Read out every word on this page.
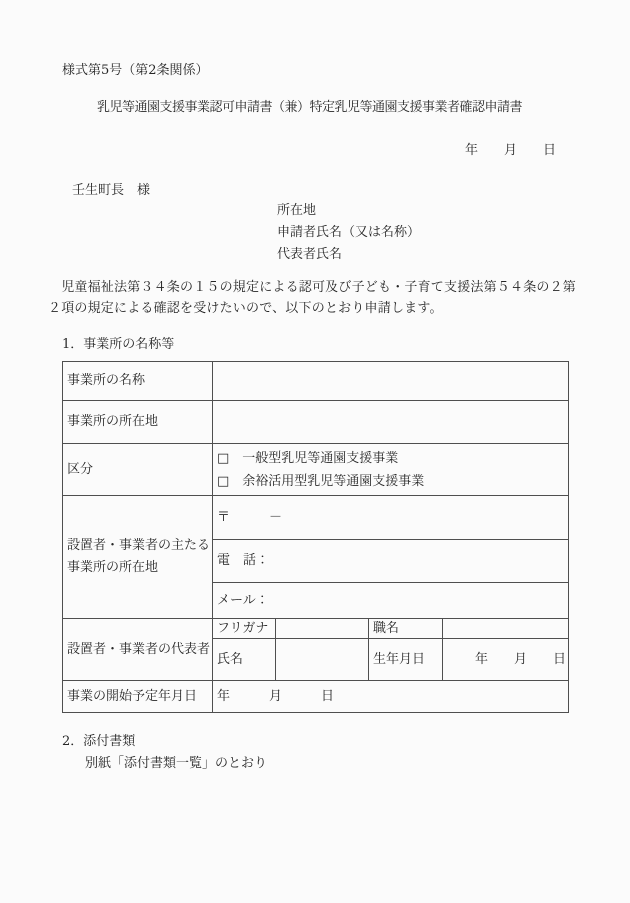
様式第5号（第2条関係）
乳児等通園支援事業認可申請書（兼）特定乳児等通園支援事業者確認申請書
年　　月　　日
壬生町長　様
所在地
申請者氏名（又は名称）
代表者氏名
　児童福祉法第３４条の１５の規定による認可及び子ども・子育て支援法第５４条の２第
２項の規定による確認を受けたいので、以下のとおり申請します。
1．事業所の名称等
事業所の名称				
事業所の所在地				
区分	□ 一般型乳児等通園支援事業
□ 余裕活用型乳児等通園支援事業			

設置者・事業者の主たる事業所の所在地	〒　　　－			
	電　話：			
	メール：			
設置者・事業者の代表者	フリガナ		職名	
	氏名		生年月日	年　　月　　日
事業の開始予定年月日	年　　　月　　　日			
2．添付書類
別紙「添付書類一覧」のとおり
